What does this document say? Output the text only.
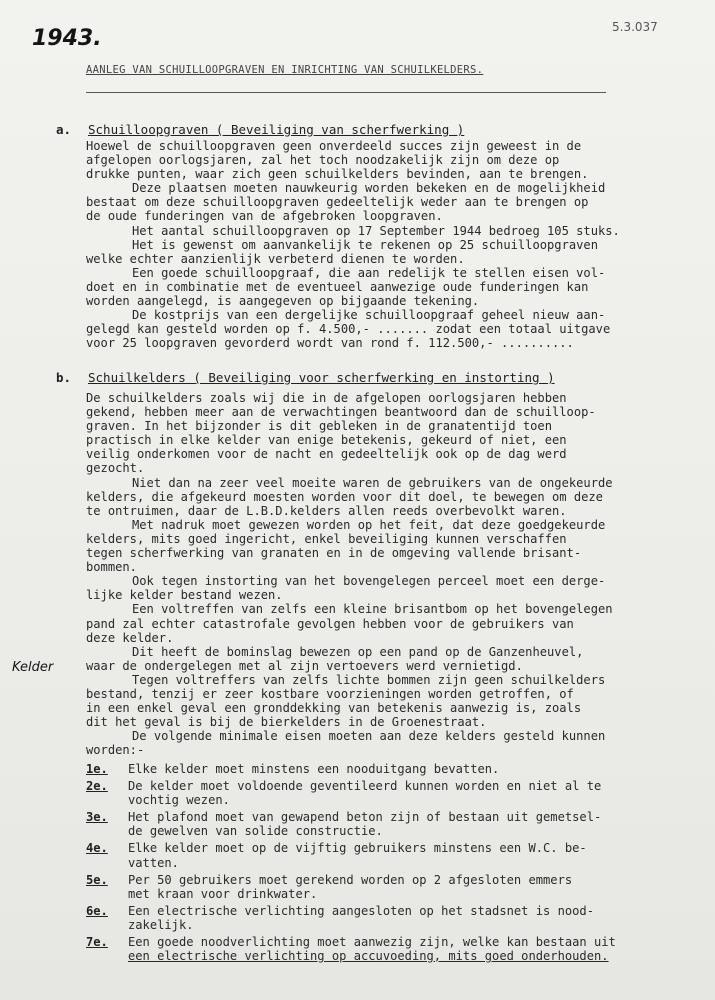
1943.	5.3.037
AANLEG VAN SCHUILLOOPGRAVEN EN INRICHTING VAN SCHUILKELDERS.
a. Schuilloopgraven ( Beveiliging van scherfwerking )
Hoewel de schuilloopgraven geen onverdeeld succes zijn geweest in de
afgelopen oorlogsjaren, zal het toch noodzakelijk zijn om deze op
drukke punten, waar zich geen schuilkelders bevinden, aan te brengen.
Deze plaatsen moeten nauwkeurig worden bekeken en de mogelijkheid
bestaat om deze schuilloopgraven gedeeltelijk weder aan te brengen op
de oude funderingen van de afgebroken loopgraven.
Het aantal schuilloopgraven op 17 September 1944 bedroeg 105 stuks.
Het is gewenst om aanvankelijk te rekenen op 25 schuilloopgraven
welke echter aanzienlijk verbeterd dienen te worden.
Een goede schuilloopgraaf, die aan redelijk te stellen eisen vol-
doet en in combinatie met de eventueel aanwezige oude funderingen kan
worden aangelegd, is aangegeven op bijgaande tekening.
De kostprijs van een dergelijke schuilloopgraaf geheel nieuw aan-
gelegd kan gesteld worden op f. 4.500,- ....... zodat een totaal uitgave
voor 25 loopgraven gevorderd wordt van rond f. 112.500,- ..........
b. Schuilkelders ( Beveiliging voor scherfwerking en instorting )
De schuilkelders zoals wij die in de afgelopen oorlogsjaren hebben
gekend, hebben meer aan de verwachtingen beantwoord dan de schuilloop-
graven. In het bijzonder is dit gebleken in de granatentijd toen
practisch in elke kelder van enige betekenis, gekeurd of niet, een
veilig onderkomen voor de nacht en gedeeltelijk ook op de dag werd
gezocht.
Niet dan na zeer veel moeite waren de gebruikers van de ongekeurde
kelders, die afgekeurd moesten worden voor dit doel, te bewegen om deze
te ontruimen, daar de L.B.D.kelders allen reeds overbevolkt waren.
Met nadruk moet gewezen worden op het feit, dat deze goedgekeurde
kelders, mits goed ingericht, enkel beveiliging kunnen verschaffen
tegen scherfwerking van granaten en in de omgeving vallende brisant-
bommen.
Ook tegen instorting van het bovengelegen perceel moet een derge-
lijke kelder bestand wezen.
Een voltreffen van zelfs een kleine brisantbom op het bovengelegen
pand zal echter catastrofale gevolgen hebben voor de gebruikers van
deze kelder.
Dit heeft de bominslag bewezen op een pand op de Ganzenheuvel,
waar de ondergelegen met al zijn vertoevers werd vernietigd.
Tegen voltreffers van zelfs lichte bommen zijn geen schuilkelders
bestand, tenzij er zeer kostbare voorzieningen worden getroffen, of
in een enkel geval een gronddekking van betekenis aanwezig is, zoals
dit het geval is bij de bierkelders in de Groenestraat.
De volgende minimale eisen moeten aan deze kelders gesteld kunnen
worden:-
Kelder
1e.	Elke kelder moet minstens een nooduitgang bevatten.
2e.	De kelder moet voldoende geventileerd kunnen worden en niet al te
vochtig wezen.
3e.	Het plafond moet van gewapend beton zijn of bestaan uit gemetsel-
de gewelven van solide constructie.
4e.	Elke kelder moet op de vijftig gebruikers minstens een W.C. be-
vatten.
5e.	Per 50 gebruikers moet gerekend worden op 2 afgesloten emmers
met kraan voor drinkwater.
6e.	Een electrische verlichting aangesloten op het stadsnet is nood-
zakelijk.
7e.	Een goede noodverlichting moet aanwezig zijn, welke kan bestaan uit
een electrische verlichting op accuvoeding, mits goed onderhouden.
